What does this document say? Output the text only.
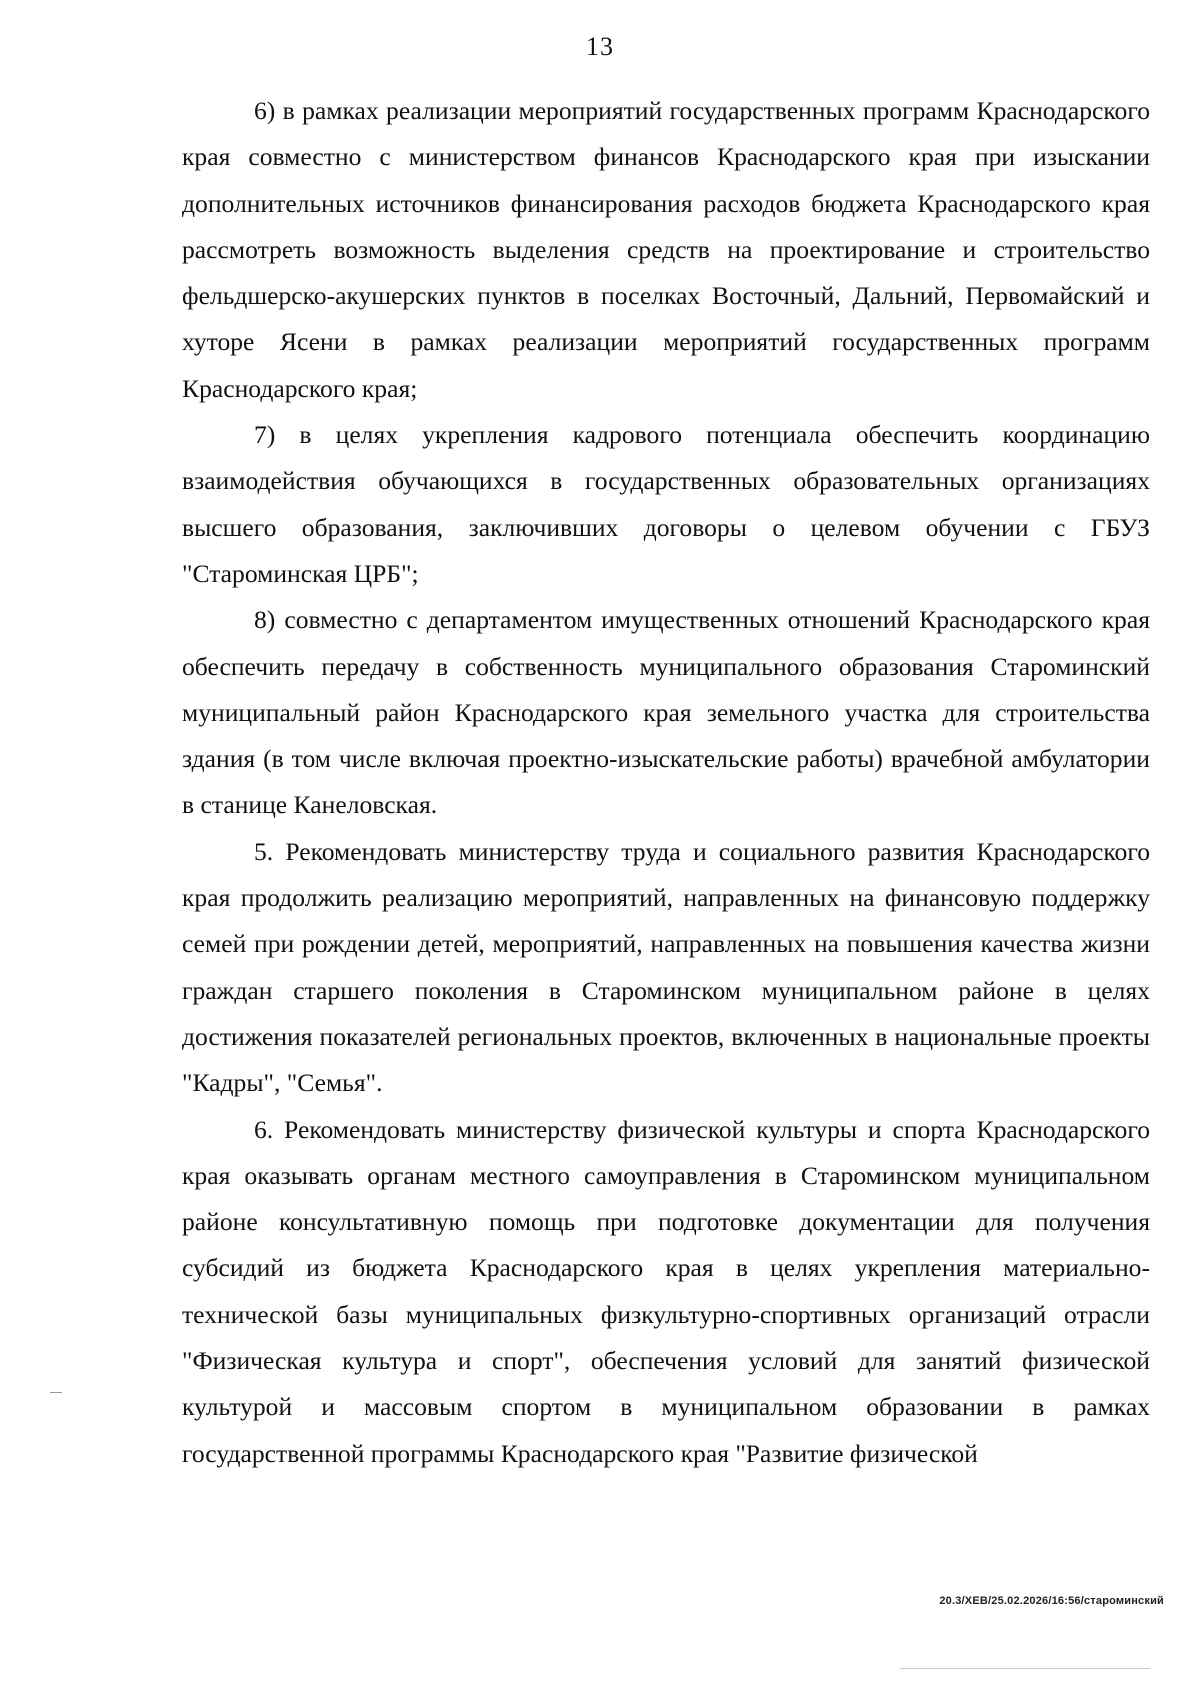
13

6) в рамках реализации мероприятий государственных программ Краснодарского края совместно с министерством финансов Краснодарского края при изыскании дополнительных источников финансирования расходов бюджета Краснодарского края рассмотреть возможность выделения средств на проектирование и строительство фельдшерско-акушерских пунктов в поселках Восточный, Дальний, Первомайский и хуторе Ясени в рамках реализации мероприятий государственных программ Краснодарского края;

7) в целях укрепления кадрового потенциала обеспечить координацию взаимодействия обучающихся в государственных образовательных организациях высшего образования, заключивших договоры о целевом обучении с ГБУЗ "Староминская ЦРБ";

8) совместно с департаментом имущественных отношений Краснодарского края обеспечить передачу в собственность муниципального образования Староминский муниципальный район Краснодарского края земельного участка для строительства здания (в том числе включая проектно-изыскательские работы) врачебной амбулатории в станице Канеловская.

5. Рекомендовать министерству труда и социального развития Краснодарского края продолжить реализацию мероприятий, направленных на финансовую поддержку семей при рождении детей, мероприятий, направленных на повышения качества жизни граждан старшего поколения в Староминском муниципальном районе в целях достижения показателей региональных проектов, включенных в национальные проекты "Кадры", "Семья".

6. Рекомендовать министерству физической культуры и спорта Краснодарского края оказывать органам местного самоуправления в Староминском муниципальном районе консультативную помощь при подготовке документации для получения субсидий из бюджета Краснодарского края в целях укрепления материально-технической базы муниципальных физкультурно-спортивных организаций отрасли "Физическая культура и спорт", обеспечения условий для занятий физической культурой и массовым спортом в муниципальном образовании в рамках государственной программы Краснодарского края "Развитие физической

20.3/ХЕВ/25.02.2026/16:56/староминский
